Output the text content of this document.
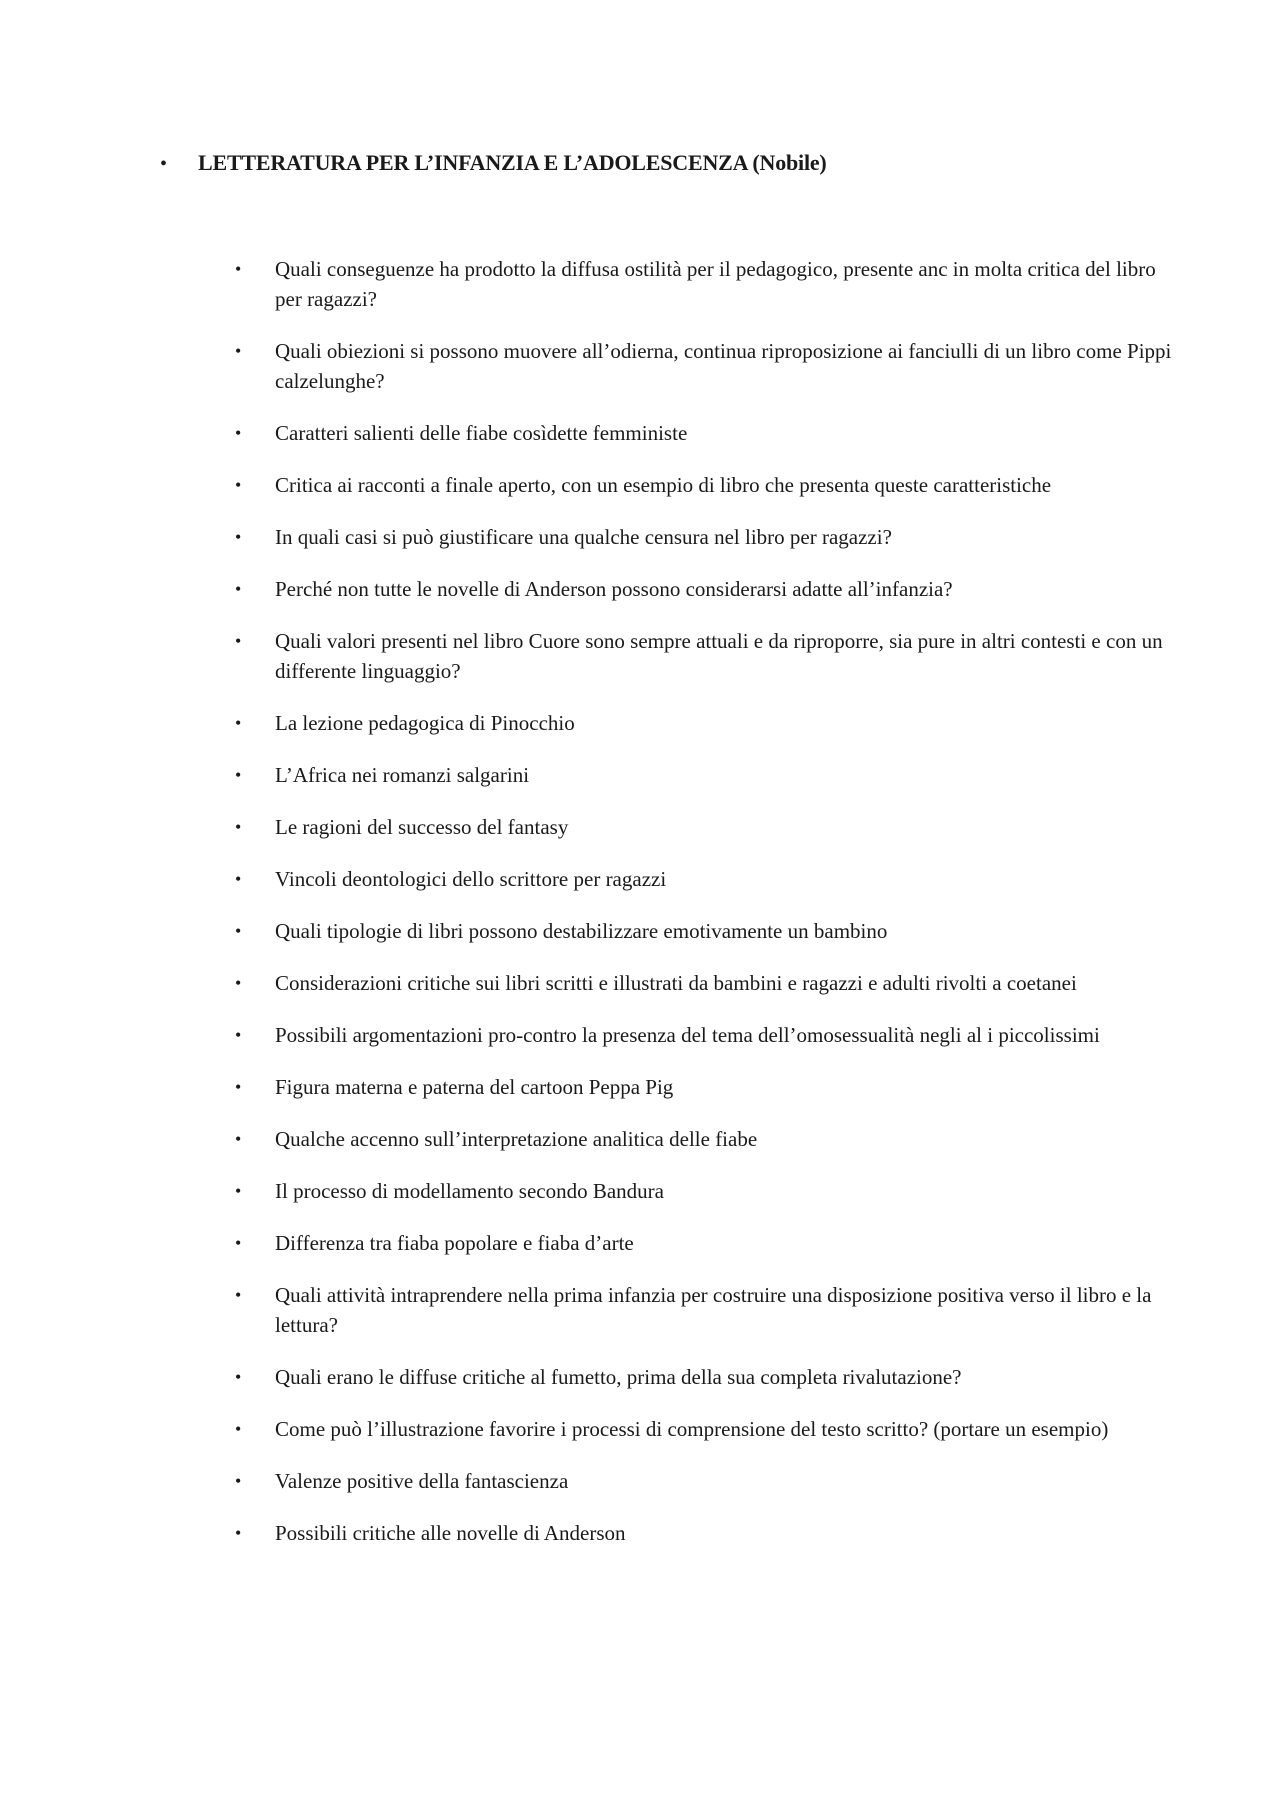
•	LETTERATURA PER L’INFANZIA E L’ADOLESCENZA (Nobile)
•	Quali conseguenze ha prodotto la diffusa ostilità per il pedagogico, presente anc in molta critica del libro per ragazzi?
•	Quali obiezioni si possono muovere all’odierna, continua riproposizione ai fanciulli di un libro come Pippi calzelunghe?
•	Caratteri salienti delle fiabe cosìdette femministe
•	Critica ai racconti a finale aperto, con un esempio di libro che presenta queste caratteristiche
•	In quali casi si può giustificare una qualche censura nel libro per ragazzi?
•	Perché non tutte le novelle di Anderson possono considerarsi adatte all’infanzia?
•	Quali valori presenti nel libro Cuore sono sempre attuali e da riproporre, sia pure in altri contesti e con un differente linguaggio?
•	La lezione pedagogica di Pinocchio
•	L’Africa nei romanzi salgarini
•	Le ragioni del successo del fantasy
•	Vincoli deontologici dello scrittore per ragazzi
•	Quali tipologie di libri possono destabilizzare emotivamente un bambino
•	Considerazioni critiche sui libri scritti e illustrati da bambini e ragazzi e adulti rivolti a coetanei
•	Possibili argomentazioni pro-contro la presenza del tema dell’omosessualità negli al i piccolissimi
•	Figura materna e paterna del cartoon Peppa Pig
•	Qualche accenno sull’interpretazione analitica delle fiabe
•	Il processo di modellamento secondo Bandura
•	Differenza tra fiaba popolare e fiaba d’arte
•	Quali attività intraprendere nella prima infanzia per costruire una disposizione positiva verso il libro e la lettura?
•	Quali erano le diffuse critiche al fumetto, prima della sua completa rivalutazione?
•	Come può l’illustrazione favorire i processi di comprensione del testo scritto? (portare un esempio)
•	Valenze positive della fantascienza
•	Possibili critiche alle novelle di Anderson
